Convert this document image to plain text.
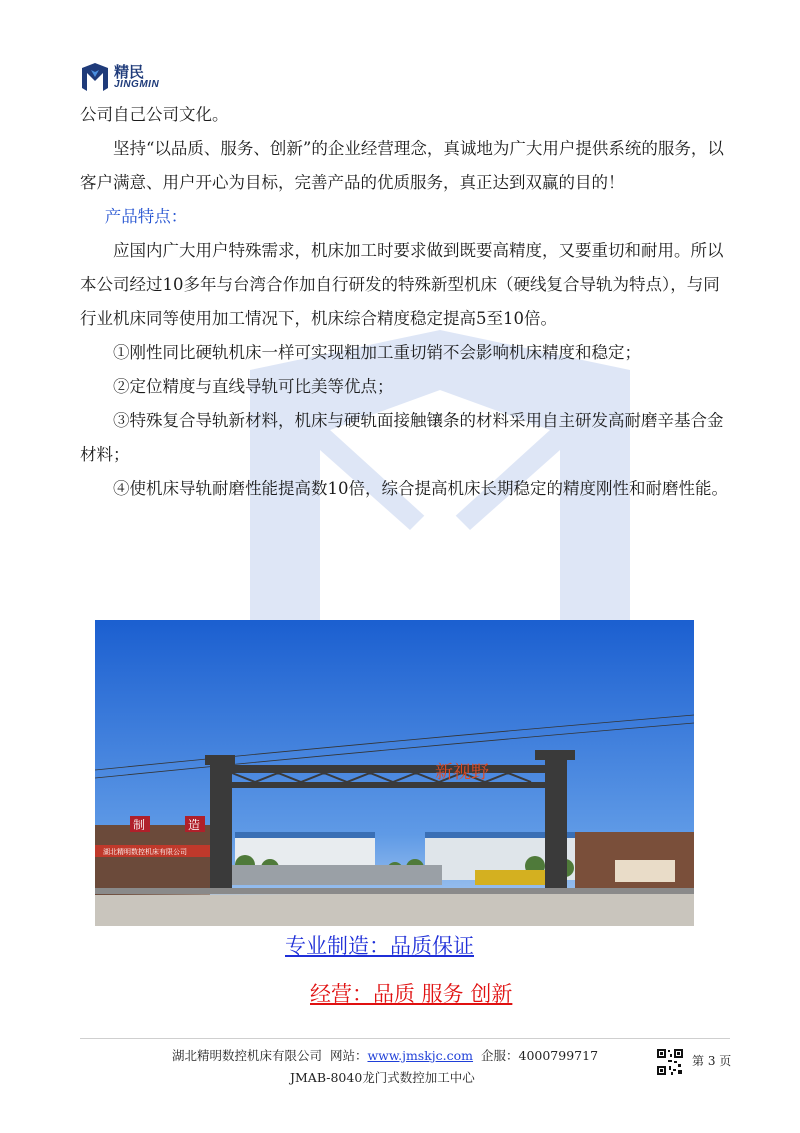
精民
JINGMIN

公司自己公司文化。

坚持“以品质、服务、创新”的企业经营理念，真诚地为广大用户提供系统的服务，以客户满意、用户开心为目标，完善产品的优质服务，真正达到双赢的目的！

产品特点：

应国内广大用户特殊需求，机床加工时要求做到既要高精度，又要重切和耐用。所以本公司经过10多年与台湾合作加自行研发的特殊新型机床（硬线复合导轨为特点），与同行业机床同等使用加工情况下，机床综合精度稳定提高5至10倍。

①刚性同比硬轨机床一样可实现粗加工重切销不会影响机床精度和稳定；

②定位精度与直线导轨可比美等优点；

③特殊复合导轨新材料，机床与硬轨面接触镶条的材料采用自主研发高耐磨辛基合金材料；

④使机床导轨耐磨性能提高数10倍，综合提高机床长期稳定的精度刚性和耐磨性能。

湖北精明数控机床有限公司
制	造
新视野
专业制造：品质保证
经营：品质 服务 创新
湖北精明数控机床有限公司 网站：www.jmskjc.com 企服：4000799717	第 3 页
JMAB-8040龙门式数控加工中心
